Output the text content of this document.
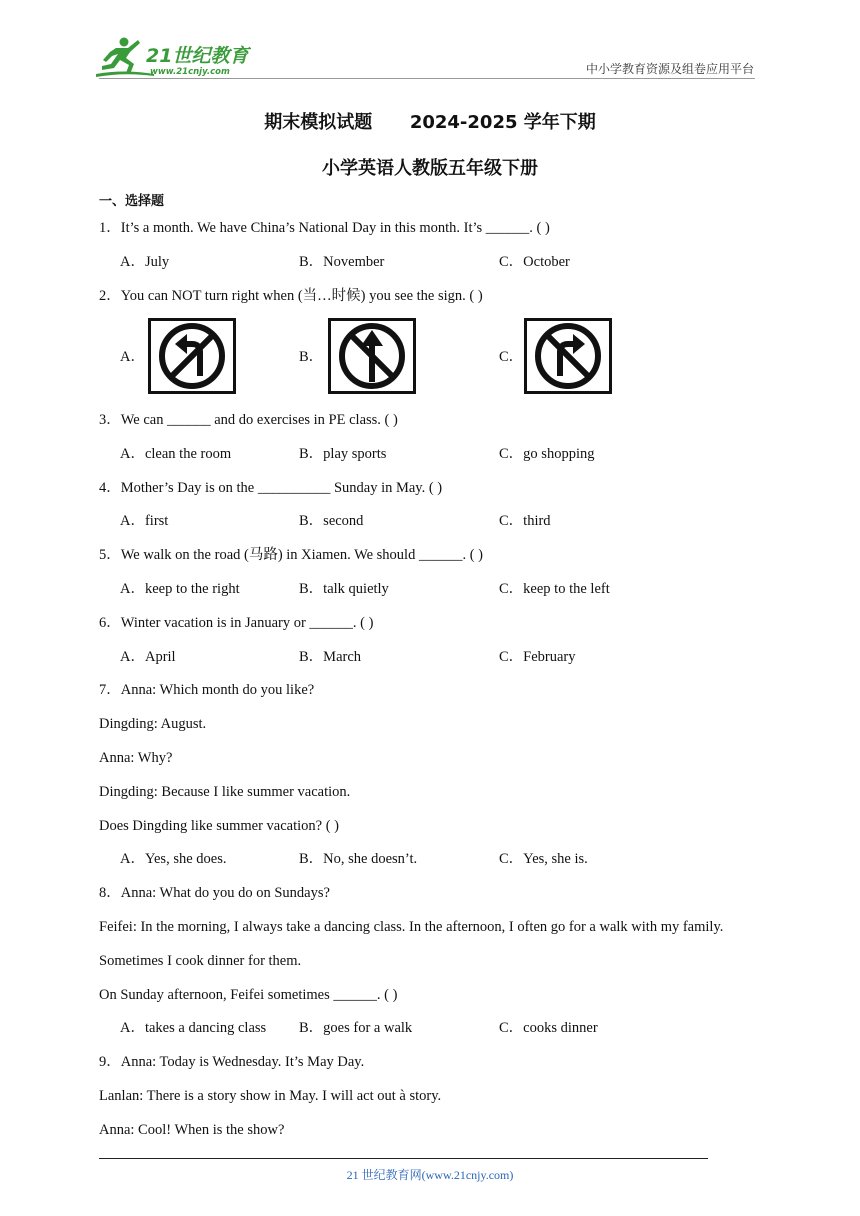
21世纪教育
www.21cnjy.com	中小学教育资源及组卷应用平台
期末模拟试题      2024-2025 学年下期
小学英语人教版五年级下册
一、选择题
1．It’s a month. We have China’s National Day in this month. It’s ______. ( )
A．July	B．November	C．October
2．You can NOT turn right when (当…时候) you see the sign. ( )
A．	B．	C．
3．We can ______ and do exercises in PE class. ( )
A．clean the room	B．play sports	C．go shopping
4．Mother’s Day is on the __________ Sunday in May. ( )
A．first	B．second	C．third
5．We walk on the road (马路) in Xiamen. We should ______. ( )
A．keep to the right	B．talk quietly	C．keep to the left
6．Winter vacation is in January or ______. ( )
A．April	B．March	C．February
7．Anna: Which month do you like?
Dingding: August.
Anna: Why?
Dingding: Because I like summer vacation.
Does Dingding like summer vacation? ( )
A．Yes, she does.	B．No, she doesn’t.	C．Yes, she is.
8．Anna: What do you do on Sundays?
Feifei: In the morning, I always take a dancing class. In the afternoon, I often go for a walk with my family.
Sometimes I cook dinner for them.
On Sunday afternoon, Feifei sometimes ______. ( )
A．takes a dancing class B．goes for a walk	C．cooks dinner
9．Anna: Today is Wednesday. It’s May Day.
Lanlan: There is a story show in May. I will act out à story.
Anna: Cool! When is the show?
21 世纪教育网(www.21cnjy.com)
